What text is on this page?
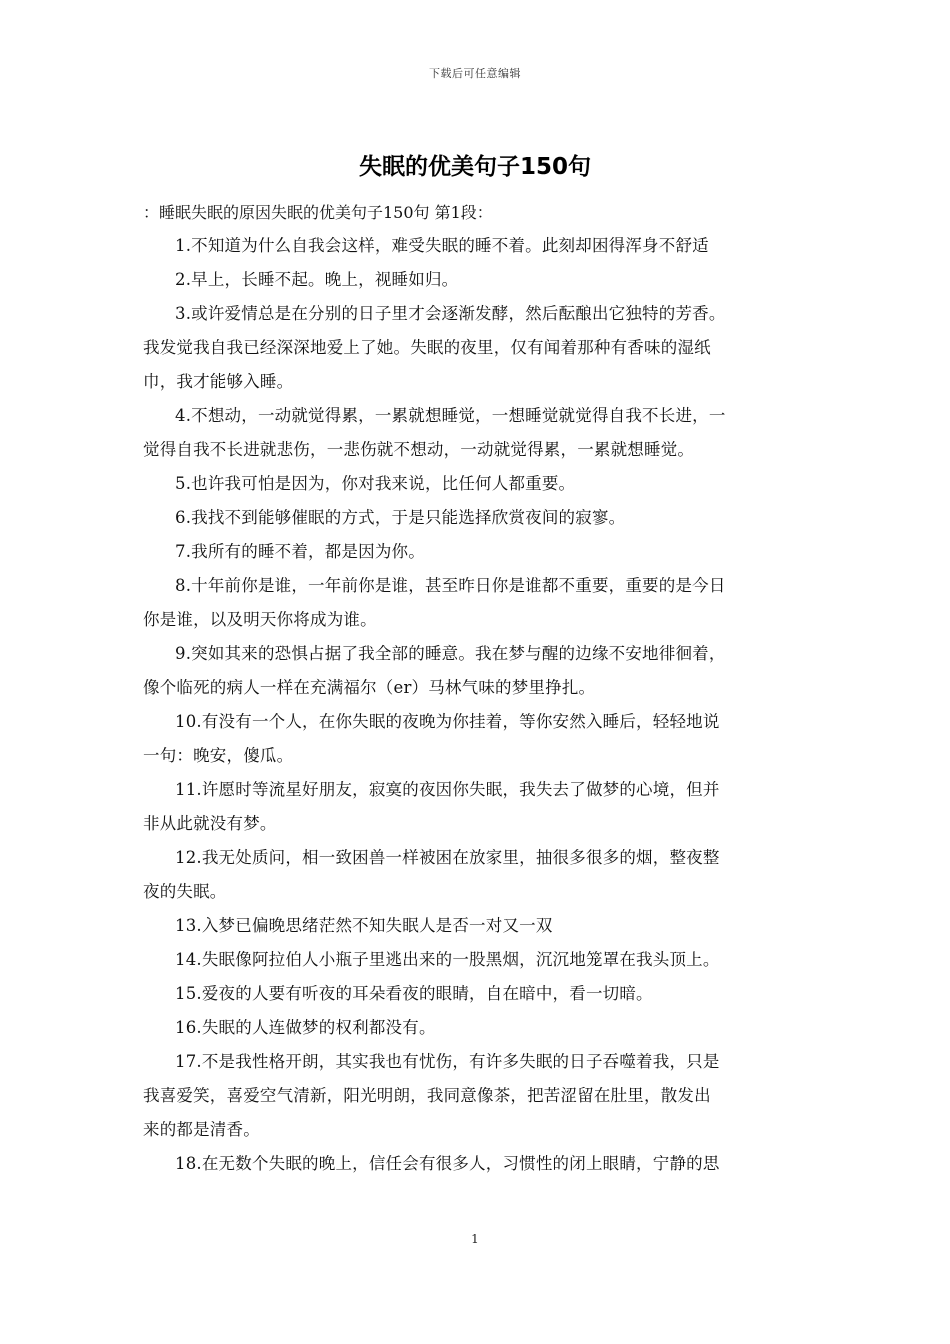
下载后可任意编辑
失眠的优美句子150句

：睡眠失眠的原因失眠的优美句子150句 第1段：

1.不知道为什么自我会这样，难受失眠的睡不着。此刻却困得浑身不舒适

2.早上，长睡不起。晚上，视睡如归。

3.或许爱情总是在分别的日子里才会逐渐发酵，然后酝酿出它独特的芳香。

我发觉我自我已经深深地爱上了她。失眠的夜里，仅有闻着那种有香味的湿纸

巾，我才能够入睡。

4.不想动，一动就觉得累，一累就想睡觉，一想睡觉就觉得自我不长进，一

觉得自我不长进就悲伤，一悲伤就不想动，一动就觉得累，一累就想睡觉。

5.也许我可怕是因为，你对我来说，比任何人都重要。

6.我找不到能够催眠的方式，于是只能选择欣赏夜间的寂寥。

7.我所有的睡不着，都是因为你。

8.十年前你是谁，一年前你是谁，甚至昨日你是谁都不重要，重要的是今日

你是谁，以及明天你将成为谁。

9.突如其来的恐惧占据了我全部的睡意。我在梦与醒的边缘不安地徘徊着，

像个临死的病人一样在充满福尔（er）马林气味的梦里挣扎。

10.有没有一个人，在你失眠的夜晚为你挂着，等你安然入睡后，轻轻地说

一句：晚安，傻瓜。

11.许愿时等流星好朋友，寂寞的夜因你失眠，我失去了做梦的心境，但并

非从此就没有梦。

12.我无处质问，相一致困兽一样被困在放家里，抽很多很多的烟，整夜整

夜的失眠。

13.入梦已偏晚思绪茫然不知失眠人是否一对又一双

14.失眠像阿拉伯人小瓶子里逃出来的一股黑烟，沉沉地笼罩在我头顶上。

15.爱夜的人要有听夜的耳朵看夜的眼睛，自在暗中，看一切暗。

16.失眠的人连做梦的权利都没有。

17.不是我性格开朗，其实我也有忧伤，有许多失眠的日子吞噬着我，只是

我喜爱笑，喜爱空气清新，阳光明朗，我同意像茶，把苦涩留在肚里，散发出

来的都是清香。

18.在无数个失眠的晚上，信任会有很多人，习惯性的闭上眼睛，宁静的思

1
